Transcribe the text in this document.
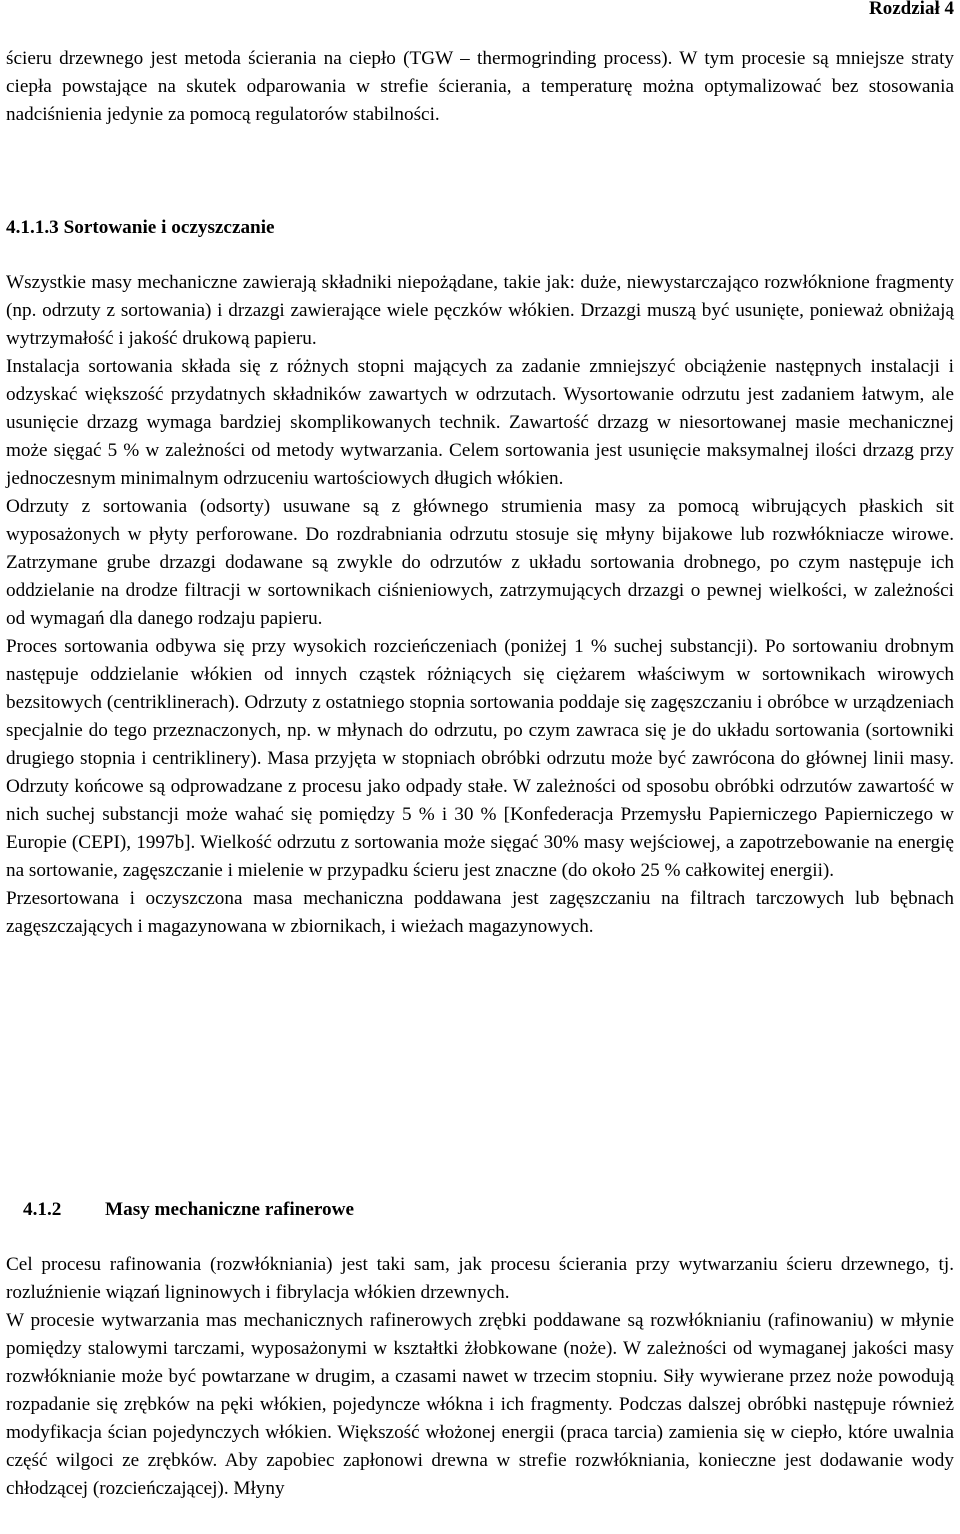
Rozdział 4

ścieru drzewnego jest metoda ścierania na ciepło (TGW – thermogrinding process). W tym procesie są mniejsze straty ciepła powstające na skutek odparowania w strefie ścierania, a temperaturę można optymalizować bez stosowania nadciśnienia jedynie za pomocą regulatorów stabilności.

4.1.1.3 Sortowanie i oczyszczanie

Wszystkie masy mechaniczne zawierają składniki niepożądane, takie jak: duże, niewystarczająco rozwłóknione fragmenty (np. odrzuty z sortowania) i drzazgi zawierające wiele pęczków włókien. Drzazgi muszą być usunięte, ponieważ obniżają wytrzymałość i jakość drukową papieru.

Instalacja sortowania składa się z różnych stopni mających za zadanie zmniejszyć obciążenie następnych instalacji i odzyskać większość przydatnych składników zawartych w odrzutach. Wysortowanie odrzutu jest zadaniem łatwym, ale usunięcie drzazg wymaga bardziej skomplikowanych technik. Zawartość drzazg w niesortowanej masie mechanicznej może sięgać 5 % w zależności od metody wytwarzania. Celem sortowania jest usunięcie maksymalnej ilości drzazg przy jednoczesnym minimalnym odrzuceniu wartościowych długich włókien.

Odrzuty z sortowania (odsorty) usuwane są z głównego strumienia masy za pomocą wibrujących płaskich sit wyposażonych w płyty perforowane. Do rozdrabniania odrzutu stosuje się młyny bijakowe lub rozwłókniacze wirowe. Zatrzymane grube drzazgi dodawane są zwykle do odrzutów z układu sortowania drobnego, po czym następuje ich oddzielanie na drodze filtracji w sortownikach ciśnieniowych, zatrzymujących drzazgi o pewnej wielkości, w zależności od wymagań dla danego rodzaju papieru.

Proces sortowania odbywa się przy wysokich rozcieńczeniach (poniżej 1 % suchej substancji). Po sortowaniu drobnym następuje oddzielanie włókien od innych cząstek różniących się ciężarem właściwym w sortownikach wirowych bezsitowych (centriklinerach). Odrzuty z ostatniego stopnia sortowania poddaje się zagęszczaniu i obróbce w urządzeniach specjalnie do tego przeznaczonych, np. w młynach do odrzutu, po czym zawraca się je do układu sortowania (sortowniki drugiego stopnia i centriklinery). Masa przyjęta w stopniach obróbki odrzutu może być zawrócona do głównej linii masy. Odrzuty końcowe są odprowadzane z procesu jako odpady stałe. W zależności od sposobu obróbki odrzutów zawartość w nich suchej substancji może wahać się pomiędzy 5 % i 30 % [Konfederacja Przemysłu Papierniczego Papierniczego w Europie (CEPI), 1997b]. Wielkość odrzutu z sortowania może sięgać 30% masy wejściowej, a zapotrzebowanie na energię na sortowanie, zagęszczanie i mielenie w przypadku ścieru jest znaczne (do około 25 % całkowitej energii).

Przesortowana i oczyszczona masa mechaniczna poddawana jest zagęszczaniu na filtrach tarczowych lub bębnach zagęszczających i magazynowana w zbiornikach, i wieżach magazynowych.

4.1.2 Masy mechaniczne rafinerowe

Cel procesu rafinowania (rozwłókniania) jest taki sam, jak procesu ścierania przy wytwarzaniu ścieru drzewnego, tj. rozluźnienie wiązań ligninowych i fibrylacja włókien drzewnych.

W procesie wytwarzania mas mechanicznych rafinerowych zrębki poddawane są rozwłóknianiu (rafinowaniu) w młynie pomiędzy stalowymi tarczami, wyposażonymi w kształtki żłobkowane (noże). W zależności od wymaganej jakości masy rozwłóknianie może być powtarzane w drugim, a czasami nawet w trzecim stopniu. Siły wywierane przez noże powodują rozpadanie się zrębków na pęki włókien, pojedyncze włókna i ich fragmenty. Podczas dalszej obróbki następuje również modyfikacja ścian pojedynczych włókien. Większość włożonej energii (praca tarcia) zamienia się w ciepło, które uwalnia część wilgoci ze zrębków. Aby zapobiec zapłonowi drewna w strefie rozwłókniania, konieczne jest dodawanie wody chłodzącej (rozcieńczającej). Młyny
